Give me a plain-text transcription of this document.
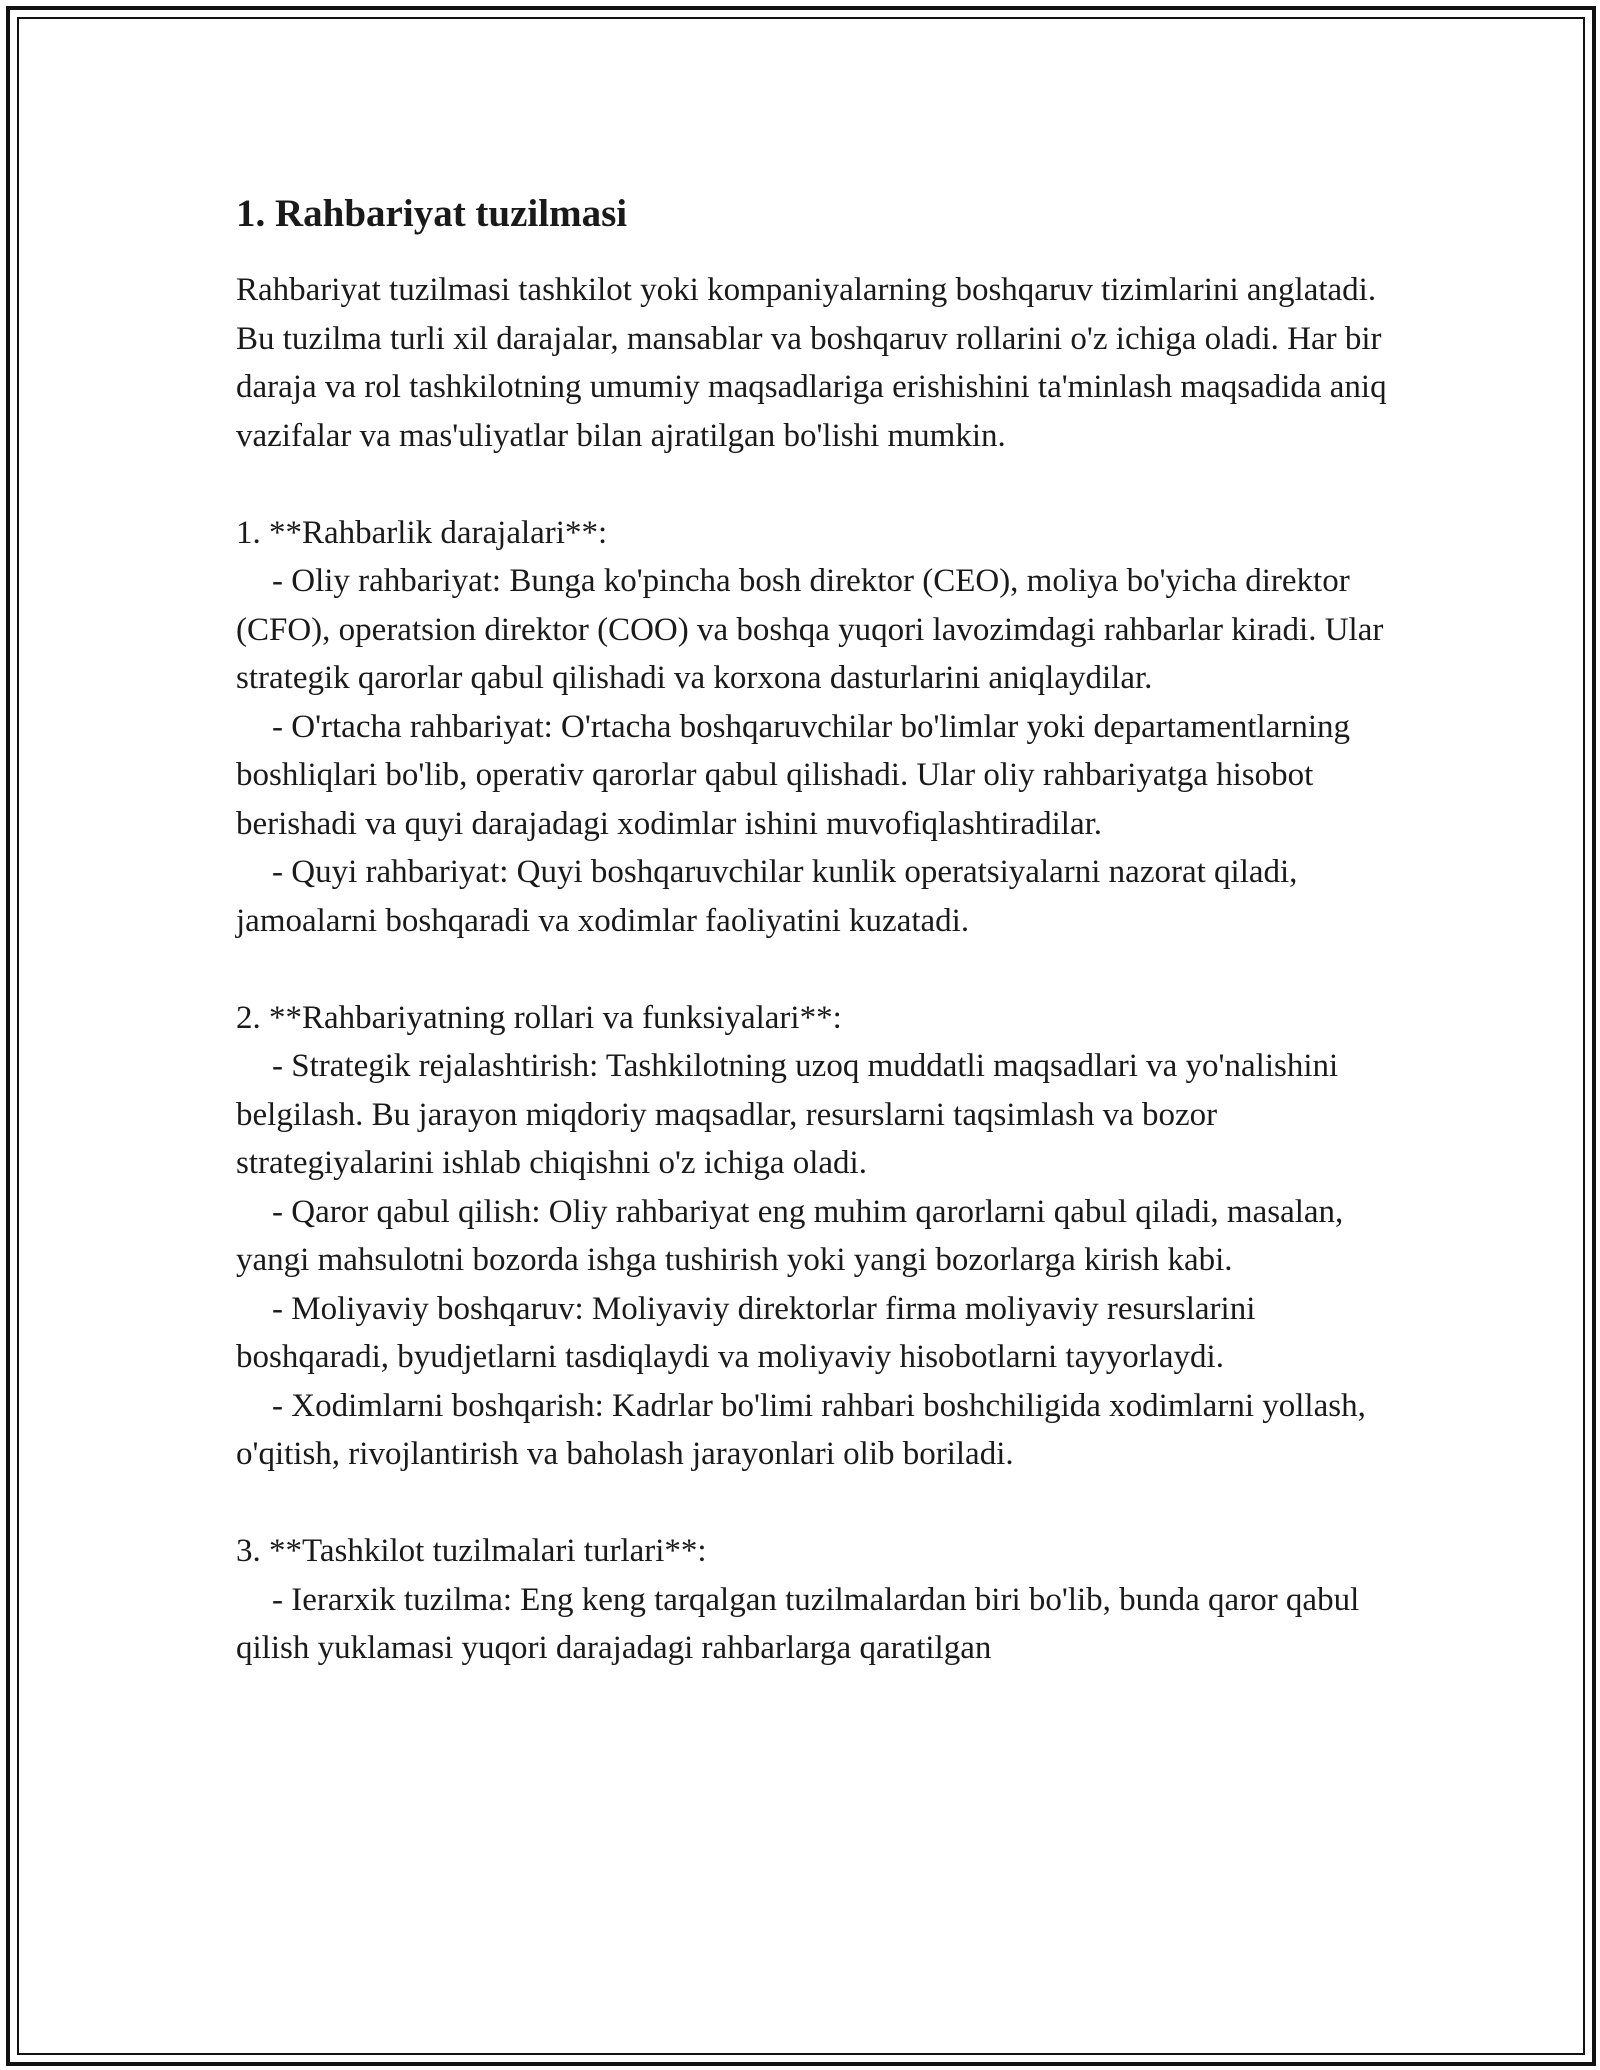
1. Rahbariyat tuzilmasi

Rahbariyat tuzilmasi tashkilot yoki kompaniyalarning boshqaruv tizimlarini anglatadi. Bu tuzilma turli xil darajalar, mansablar va boshqaruv rollarini o'z ichiga oladi. Har bir daraja va rol tashkilotning umumiy maqsadlariga erishishini ta'minlash maqsadida aniq vazifalar va mas'uliyatlar bilan ajratilgan bo'lishi mumkin.

1. **Rahbarlik darajalari**:
- Oliy rahbariyat: Bunga ko'pincha bosh direktor (CEO), moliya bo'yicha direktor (CFO), operatsion direktor (COO) va boshqa yuqori lavozimdagi rahbarlar kiradi. Ular strategik qarorlar qabul qilishadi va korxona dasturlarini aniqlaydilar.
- O'rtacha rahbariyat: O'rtacha boshqaruvchilar bo'limlar yoki departamentlarning boshliqlari bo'lib, operativ qarorlar qabul qilishadi. Ular oliy rahbariyatga hisobot berishadi va quyi darajadagi xodimlar ishini muvofiqlashtiradilar.
- Quyi rahbariyat: Quyi boshqaruvchilar kunlik operatsiyalarni nazorat qiladi, jamoalarni boshqaradi va xodimlar faoliyatini kuzatadi.
2. **Rahbariyatning rollari va funksiyalari**:
- Strategik rejalashtirish: Tashkilotning uzoq muddatli maqsadlari va yo'nalishini belgilash. Bu jarayon miqdoriy maqsadlar, resurslarni taqsimlash va bozor strategiyalarini ishlab chiqishni o'z ichiga oladi.
- Qaror qabul qilish: Oliy rahbariyat eng muhim qarorlarni qabul qiladi, masalan, yangi mahsulotni bozorda ishga tushirish yoki yangi bozorlarga kirish kabi.
- Moliyaviy boshqaruv: Moliyaviy direktorlar firma moliyaviy resurslarini boshqaradi, byudjetlarni tasdiqlaydi va moliyaviy hisobotlarni tayyorlaydi.
- Xodimlarni boshqarish: Kadrlar bo'limi rahbari boshchiligida xodimlarni yollash, o'qitish, rivojlantirish va baholash jarayonlari olib boriladi.
3. **Tashkilot tuzilmalari turlari**:
- Ierarxik tuzilma: Eng keng tarqalgan tuzilmalardan biri bo'lib, bunda qaror qabul qilish yuklamasi yuqori darajadagi rahbarlarga qaratilgan
